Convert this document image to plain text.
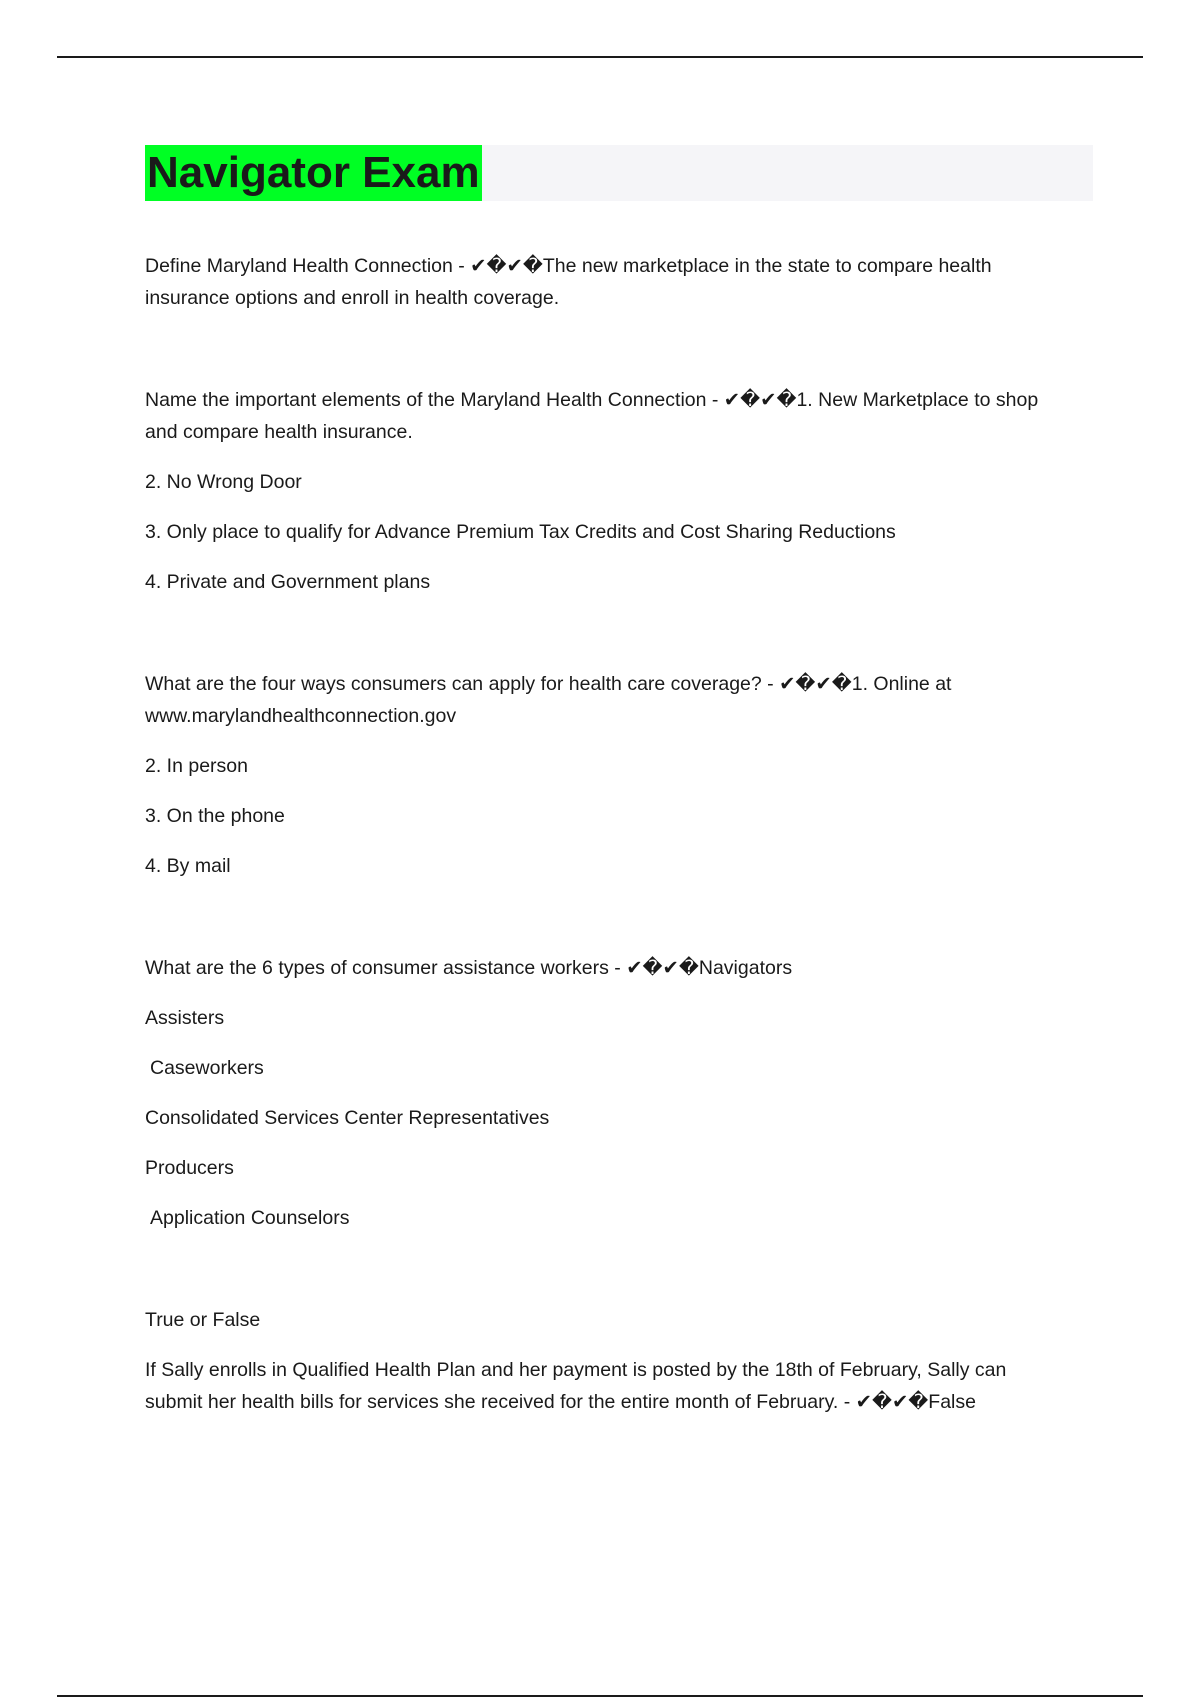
Navigator Exam

Define Maryland Health Connection - ✔�✔�The new marketplace in the state to compare health insurance options and enroll in health coverage.

Name the important elements of the Maryland Health Connection - ✔�✔�1. New Marketplace to shop and compare health insurance.

2. No Wrong Door

3. Only place to qualify for Advance Premium Tax Credits and Cost Sharing Reductions

4. Private and Government plans

What are the four ways consumers can apply for health care coverage? - ✔�✔�1. Online at www.marylandhealthconnection.gov

2. In person

3. On the phone

4. By mail

What are the 6 types of consumer assistance workers - ✔�✔�Navigators

Assisters

Caseworkers

Consolidated Services Center Representatives

Producers

Application Counselors

True or False

If Sally enrolls in Qualified Health Plan and her payment is posted by the 18th of February, Sally can submit her health bills for services she received for the entire month of February. - ✔�✔�False
